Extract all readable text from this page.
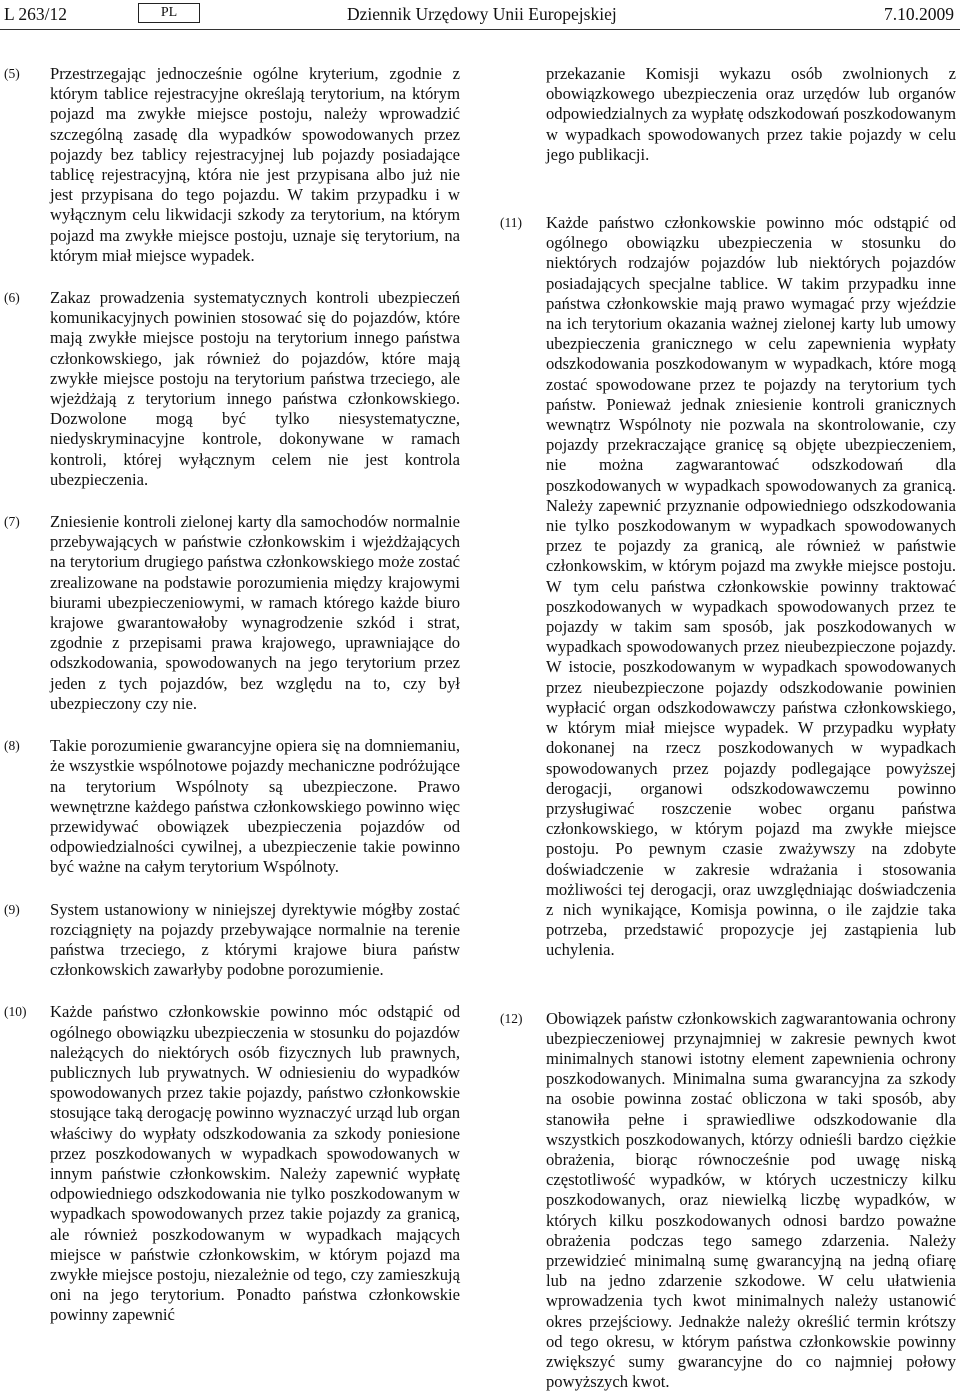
L 263/12	PL	Dziennik Urzędowy Unii Europejskiej	7.10.2009
(5)	Przestrzegając jednocześnie ogólne kryterium, zgodnie z którym tablice rejestracyjne określają terytorium, na którym pojazd ma zwykłe miejsce postoju, należy wprowadzić szczególną zasadę dla wypadków spowodowanych przez pojazdy bez tablicy rejestracyjnej lub pojazdy posiadające tablicę rejestracyjną, która nie jest przypisana albo już nie jest przypisana do tego pojazdu. W takim przypadku i w wyłącznym celu likwidacji szkody za terytorium, na którym pojazd ma zwykłe miejsce postoju, uznaje się terytorium, na którym miał miejsce wypadek.

(6)	Zakaz prowadzenia systematycznych kontroli ubezpieczeń komunikacyjnych powinien stosować się do pojazdów, które mają zwykłe miejsce postoju na terytorium innego państwa członkowskiego, jak również do pojazdów, które mają zwykłe miejsce postoju na terytorium państwa trzeciego, ale wjeżdżają z terytorium innego państwa członkowskiego. Dozwolone mogą być tylko niesystematyczne, niedyskryminacyjne kontrole, dokonywane w ramach kontroli, której wyłącznym celem nie jest kontrola ubezpieczenia.

(7)	Zniesienie kontroli zielonej karty dla samochodów normalnie przebywających w państwie członkowskim i wjeżdżających na terytorium drugiego państwa członkowskiego może zostać zrealizowane na podstawie porozumienia między krajowymi biurami ubezpieczeniowymi, w ramach którego każde biuro krajowe gwarantowałoby wynagrodzenie szkód i strat, zgodnie z przepisami prawa krajowego, uprawniające do odszkodowania, spowodowanych na jego terytorium przez jeden z tych pojazdów, bez względu na to, czy był ubezpieczony czy nie.

(8)	Takie porozumienie gwarancyjne opiera się na domniemaniu, że wszystkie wspólnotowe pojazdy mechaniczne podróżujące na terytorium Wspólnoty są ubezpieczone. Prawo wewnętrzne każdego państwa członkowskiego powinno więc przewidywać obowiązek ubezpieczenia pojazdów od odpowiedzialności cywilnej, a ubezpieczenie takie powinno być ważne na całym terytorium Wspólnoty.

(9)	System ustanowiony w niniejszej dyrektywie mógłby zostać rozciągnięty na pojazdy przebywające normalnie na terenie państwa trzeciego, z którymi krajowe biura państw członkowskich zawarłyby podobne porozumienie.

(10)	Każde państwo członkowskie powinno móc odstąpić od ogólnego obowiązku ubezpieczenia w stosunku do pojazdów należących do niektórych osób fizycznych lub prawnych, publicznych lub prywatnych. W odniesieniu do wypadków spowodowanych przez takie pojazdy, państwo członkowskie stosujące taką derogację powinno wyznaczyć urząd lub organ właściwy do wypłaty odszkodowania za szkody poniesione przez poszkodowanych w wypadkach spowodowanych w innym państwie członkowskim. Należy zapewnić wypłatę odpowiedniego odszkodowania nie tylko poszkodowanym w wypadkach spowodowanych przez takie pojazdy za granicą, ale również poszkodowanym w wypadkach mających miejsce w państwie członkowskim, w którym pojazd ma zwykłe miejsce postoju, niezależnie od tego, czy zamieszkują oni na jego terytorium. Ponadto państwa członkowskie powinny zapewnić

przekazanie Komisji wykazu osób zwolnionych z obowiązkowego ubezpieczenia oraz urzędów lub organów odpowiedzialnych za wypłatę odszkodowań poszkodowanym w wypadkach spowodowanych przez takie pojazdy w celu jego publikacji.

(11)	Każde państwo członkowskie powinno móc odstąpić od ogólnego obowiązku ubezpieczenia w stosunku do niektórych rodzajów pojazdów lub niektórych pojazdów posiadających specjalne tablice. W takim przypadku inne państwa członkowskie mają prawo wymagać przy wjeździe na ich terytorium okazania ważnej zielonej karty lub umowy ubezpieczenia granicznego w celu zapewnienia wypłaty odszkodowania poszkodowanym w wypadkach, które mogą zostać spowodowane przez te pojazdy na terytorium tych państw. Ponieważ jednak zniesienie kontroli granicznych wewnątrz Wspólnoty nie pozwala na skontrolowanie, czy pojazdy przekraczające granicę są objęte ubezpieczeniem, nie można zagwarantować odszkodowań dla poszkodowanych w wypadkach spowodowanych za granicą. Należy zapewnić przyznanie odpowiedniego odszkodowania nie tylko poszkodowanym w wypadkach spowodowanych przez te pojazdy za granicą, ale również w państwie członkowskim, w którym pojazd ma zwykłe miejsce postoju. W tym celu państwa członkowskie powinny traktować poszkodowanych w wypadkach spowodowanych przez te pojazdy w takim sam sposób, jak poszkodowanych w wypadkach spowodowanych przez nieubezpieczone pojazdy. W istocie, poszkodowanym w wypadkach spowodowanych przez nieubezpieczone pojazdy odszkodowanie powinien wypłacić organ odszkodowawczy państwa członkowskiego, w którym miał miejsce wypadek. W przypadku wypłaty dokonanej na rzecz poszkodowanych w wypadkach spowodowanych przez pojazdy podlegające powyższej derogacji, organowi odszkodowawczemu powinno przysługiwać roszczenie wobec organu państwa członkowskiego, w którym pojazd ma zwykłe miejsce postoju. Po pewnym czasie zważywszy na zdobyte doświadczenie w zakresie wdrażania i stosowania możliwości tej derogacji, oraz uwzględniając doświadczenia z nich wynikające, Komisja powinna, o ile zajdzie taka potrzeba, przedstawić propozycje jej zastąpienia lub uchylenia.

(12)	Obowiązek państw członkowskich zagwarantowania ochrony ubezpieczeniowej przynajmniej w zakresie pewnych kwot minimalnych stanowi istotny element zapewnienia ochrony poszkodowanych. Minimalna suma gwarancyjna za szkody na osobie powinna zostać obliczona w taki sposób, aby stanowiła pełne i sprawiedliwe odszkodowanie dla wszystkich poszkodowanych, którzy odnieśli bardzo ciężkie obrażenia, biorąc równocześnie pod uwagę niską częstotliwość wypadków, w których uczestniczy kilku poszkodowanych, oraz niewielką liczbę wypadków, w których kilku poszkodowanych odnosi bardzo poważne obrażenia podczas tego samego zdarzenia. Należy przewidzieć minimalną sumę gwarancyjną na jedną ofiarę lub na jedno zdarzenie szkodowe. W celu ułatwienia wprowadzenia tych kwot minimalnych należy ustanowić okres przejściowy. Jednakże należy określić termin krótszy od tego okresu, w którym państwa członkowskie powinny zwiększyć sumy gwarancyjne do co najmniej połowy powyższych kwot.
